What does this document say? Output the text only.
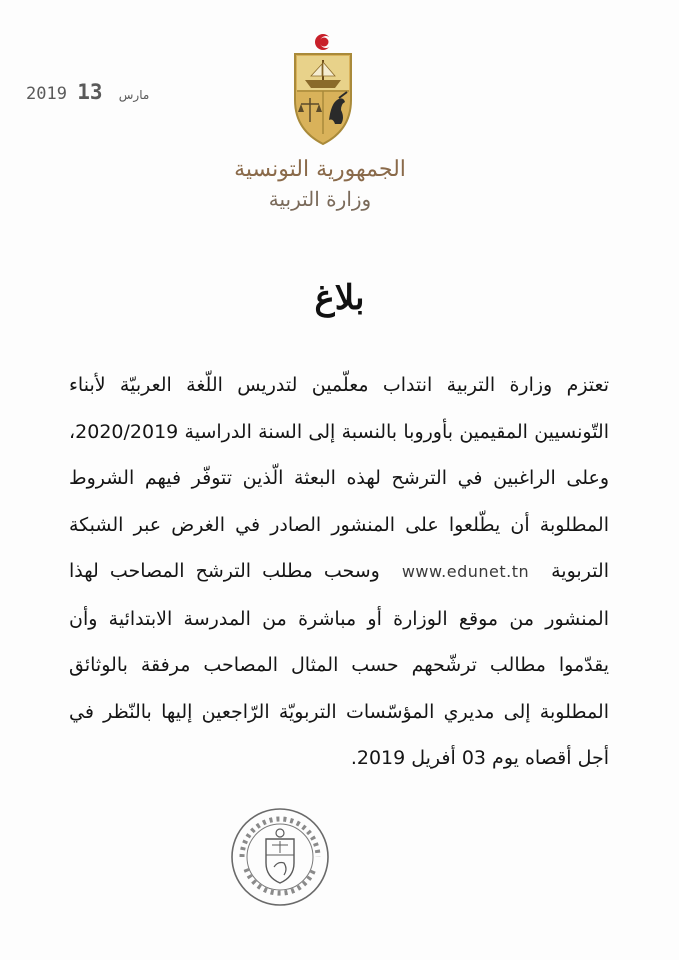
2019	مارس 13
الجمهورية التونسية
وزارة التربية
بلاغ
تعتزم وزارة التربية انتداب معلّمين لتدريس اللّغة العربيّة لأبناء التّونسيين المقيمين بأوروبا بالنسبة إلى السنة الدراسية 2020/2019، وعلى الراغبين في الترشح لهذه البعثة الّذين تتوفّر فيهم الشروط المطلوبة أن يطّلعوا على المنشور الصادر في الغرض عبر الشبكة التربويةwww.edunet.tnوسحب مطلب الترشح المصاحب لهذا المنشور من موقع الوزارة أو مباشرة من المدرسة الابتدائية وأن يقدّموا مطالب ترشّحهم حسب المثال المصاحب مرفقة بالوثائق المطلوبة إلى مديري المؤسّسات التربويّة الرّاجعين إليها بالنّظر في أجل أقصاه يوم 03 أفريل 2019.
